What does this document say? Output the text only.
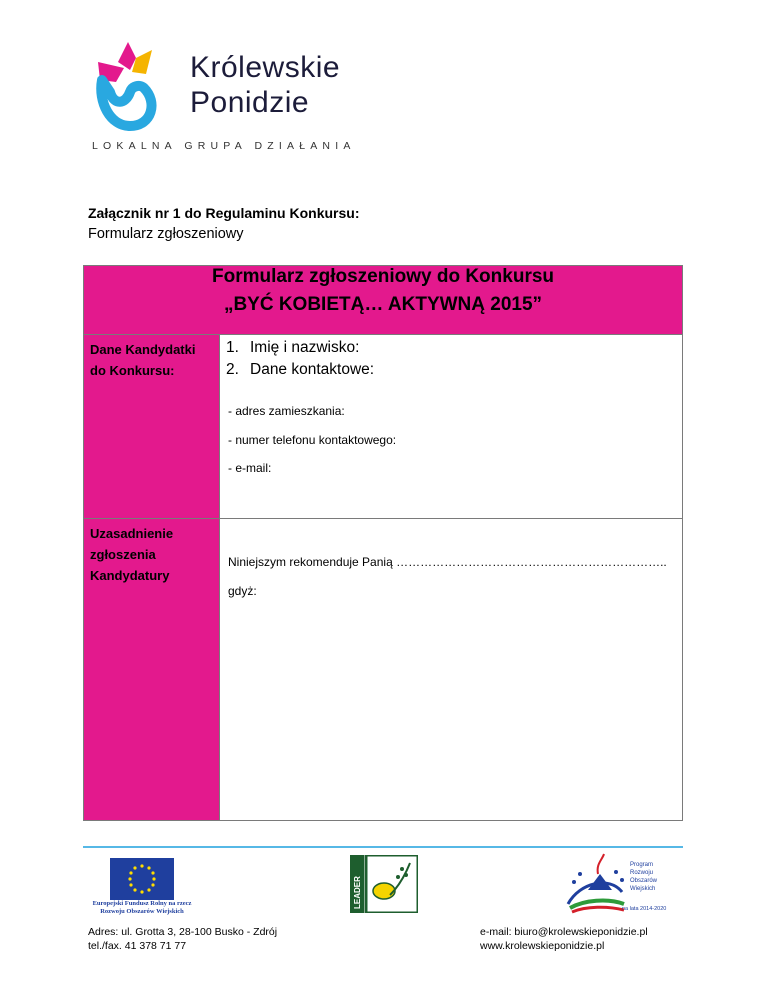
Królewskie
Ponidzie
LOKALNA GRUPA DZIAŁANIA
Załącznik nr 1 do Regulaminu Konkursu:
Formularz zgłoszeniowy
Formularz zgłoszeniowy do Konkursu
„BYĆ KOBIETĄ… AKTYWNĄ 2015”
Dane Kandydatki
do Konkursu:
1. Imię i nazwisko:
2. Dane kontaktowe:
- adres zamieszkania:
- numer telefonu kontaktowego:
- e-mail:
Uzasadnienie
zgłoszenia
Kandydatury
Niniejszym rekomenduje Panią …………………………………………………………..
gdyż:
Europejski Fundusz Rolny na rzecz Rozwoju Obszarów Wiejskich
LEADER
Program
Rozwoju
Obszarów
Wiejskich
na lata 2014-2020
Adres: ul. Grotta 3, 28-100 Busko - Zdrój
tel./fax. 41 378 71 77
e-mail: biuro@krolewskieponidzie.pl
www.krolewskieponidzie.pl
